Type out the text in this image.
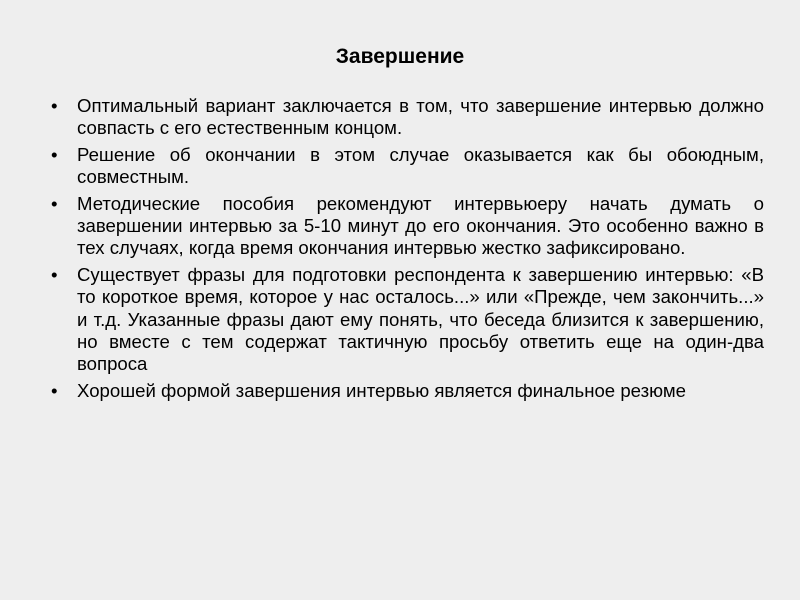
Завершение
• Оптимальный вариант заключается в том, что завершение интервью должно совпасть с его естественным концом.
• Решение об окончании в этом случае оказывается как бы обоюдным, совместным.
• Методические пособия рекомендуют интервьюеру начать думать о завершении интервью за 5-10 минут до его окончания. Это особенно важно в тех случаях, когда время окончания интервью жестко зафиксировано.
• Существует фразы для подготовки респондента к завершению интервью: «В то короткое время, которое у нас осталось...» или «Прежде, чем закончить...» и т.д. Указанные фразы дают ему понять, что беседа близится к завершению, но вместе с тем содержат тактичную просьбу ответить еще на один-два вопроса
• Хорошей формой завершения интервью является финальное резюме
